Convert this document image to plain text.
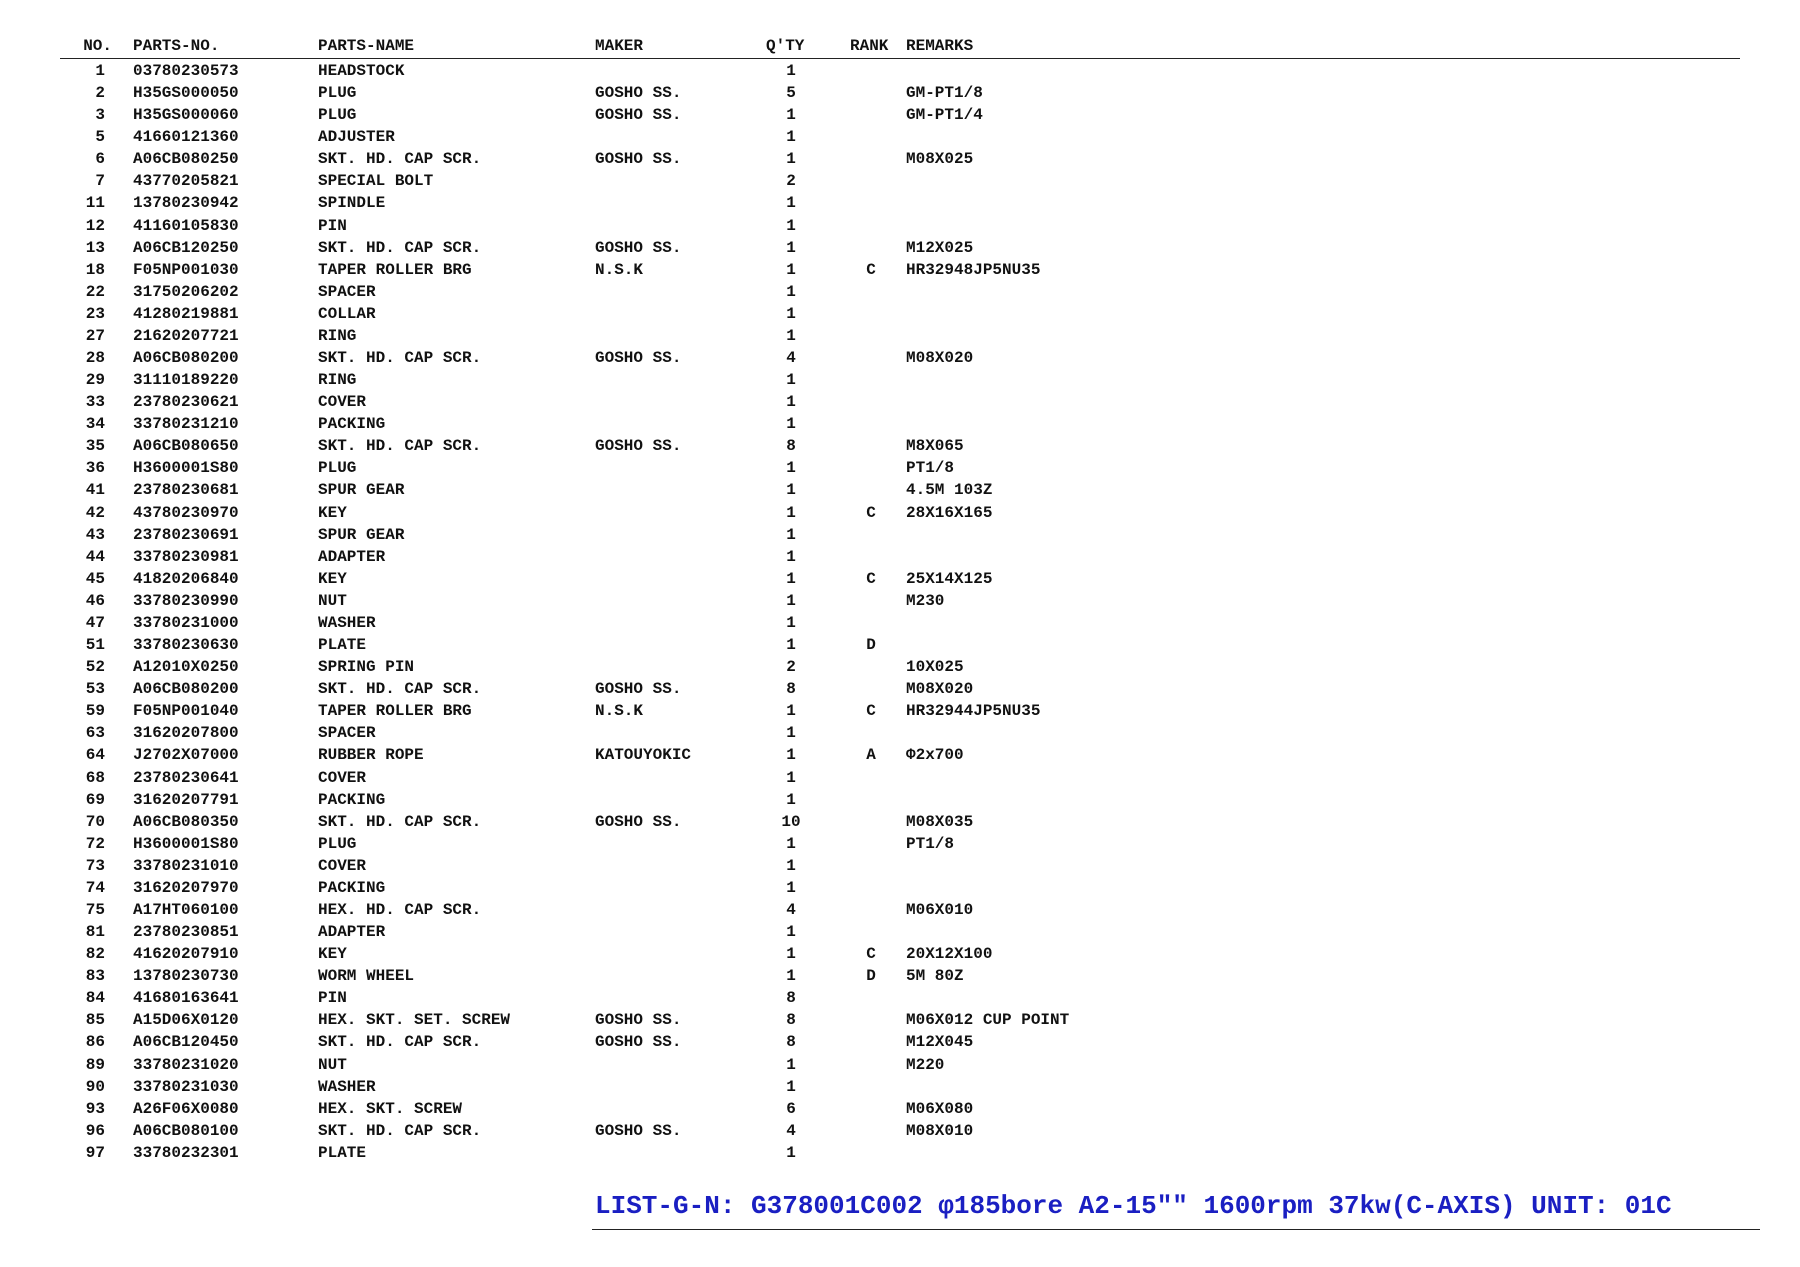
NO. PARTS-NO.	PARTS-NAME	MAKER	Q'TY	RANK REMARKS
1 03780230573	HEADSTOCK	1
2 H35GS000050	PLUG	GOSHO SS.	5	GM-PT1/8
3 H35GS000060	PLUG	GOSHO SS.	1	GM-PT1/4
5 41660121360	ADJUSTER	1
6 A06CB080250	SKT. HD. CAP SCR.	GOSHO SS.	1	M08X025
7 43770205821	SPECIAL BOLT	2
11 13780230942	SPINDLE	1
12 41160105830	PIN	1
13 A06CB120250	SKT. HD. CAP SCR.	GOSHO SS.	1	M12X025
18 F05NP001030	TAPER ROLLER BRG	N.S.K	1	C	HR32948JP5NU35
22 31750206202	SPACER	1
23 41280219881	COLLAR	1
27 21620207721	RING	1
28 A06CB080200	SKT. HD. CAP SCR.	GOSHO SS.	4	M08X020
29 31110189220	RING	1
33 23780230621	COVER	1
34 33780231210	PACKING	1
35 A06CB080650	SKT. HD. CAP SCR.	GOSHO SS.	8	M8X065
36 H3600001S80	PLUG	1	PT1/8
41 23780230681	SPUR GEAR	1	4.5M 103Z
42 43780230970	KEY	1	C	28X16X165
43 23780230691	SPUR GEAR	1
44 33780230981	ADAPTER	1
45 41820206840	KEY	1	C	25X14X125
46 33780230990	NUT	1	M230
47 33780231000	WASHER	1
51 33780230630	PLATE	1	D
52 A12010X0250	SPRING PIN	2	10X025
53 A06CB080200	SKT. HD. CAP SCR.	GOSHO SS.	8	M08X020
59 F05NP001040	TAPER ROLLER BRG	N.S.K	1	C	HR32944JP5NU35
63 31620207800	SPACER	1
64 J2702X07000	RUBBER ROPE	KATOUYOKIC	1	A	Φ2x700
68 23780230641	COVER	1
69 31620207791	PACKING	1
70 A06CB080350	SKT. HD. CAP SCR.	GOSHO SS.	10	M08X035
72 H3600001S80	PLUG	1	PT1/8
73 33780231010	COVER	1
74 31620207970	PACKING	1
75 A17HT060100	HEX. HD. CAP SCR.	4	M06X010
81 23780230851	ADAPTER	1
82 41620207910	KEY	1	C	20X12X100
83 13780230730	WORM WHEEL	1	D	5M 80Z
84 41680163641	PIN	8
85 A15D06X0120	HEX. SKT. SET. SCREW	GOSHO SS.	8	M06X012 CUP POINT
86 A06CB120450	SKT. HD. CAP SCR.	GOSHO SS.	8	M12X045
89 33780231020	NUT	1	M220
90 33780231030	WASHER	1
93 A26F06X0080	HEX. SKT. SCREW	6	M06X080
96 A06CB080100	SKT. HD. CAP SCR.	GOSHO SS.	4	M08X010
97 33780232301	PLATE	1
LIST-G-N: G378001C002 φ185bore A2-15"" 1600rpm 37kw(C-AXIS) UNIT: 01C
